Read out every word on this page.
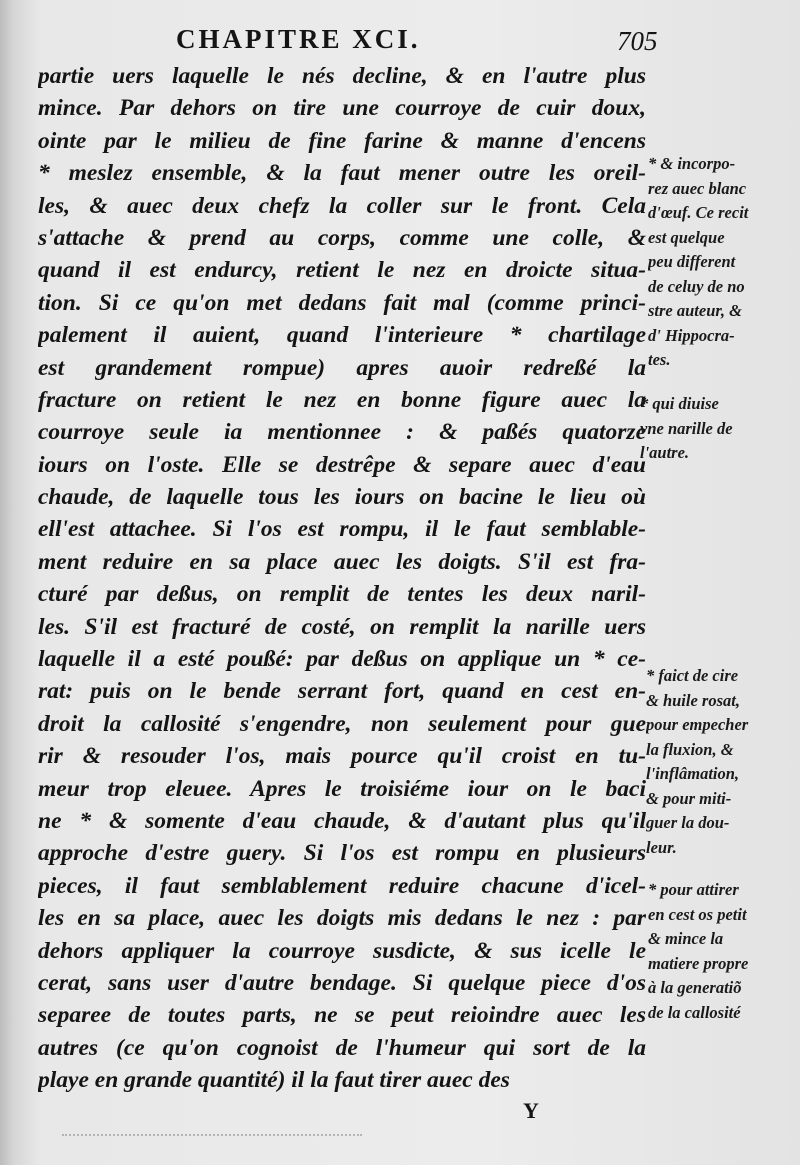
CHAPITRE XCI.	705
partie uers laquelle le nés decline, & en l'autre plus
mince. Par dehors on tire une courroye de cuir doux,
ointe par le milieu de fine farine & manne d'encens
* meslez ensemble, & la faut mener outre les oreil-
les, & auec deux chefz la coller sur le front. Cela
s'attache & prend au corps, comme une colle, &
quand il est endurcy, retient le nez en droicte situa-
tion. Si ce qu'on met dedans fait mal (comme princi-
palement il auient, quand l'interieure * chartilage
est grandement rompue) apres auoir redreßé la
fracture on retient le nez en bonne figure auec la
courroye seule ia mentionnee : & paßés quatorze
iours on l'oste. Elle se destrêpe & separe auec d'eau
chaude, de laquelle tous les iours on bacine le lieu où
ell'est attachee. Si l'os est rompu, il le faut semblable-
ment reduire en sa place auec les doigts. S'il est fra-
cturé par deßus, on remplit de tentes les deux naril-
les. S'il est fracturé de costé, on remplit la narille uers
laquelle il a esté poußé: par deßus on applique un * ce-
rat: puis on le bende serrant fort, quand en cest en-
droit la callosité s'engendre, non seulement pour gue
rir & resouder l'os, mais pource qu'il croist en tu-
meur trop eleuee. Apres le troisiéme iour on le baci
ne * & somente d'eau chaude, & d'autant plus qu'il
approche d'estre guery. Si l'os est rompu en plusieurs
pieces, il faut semblablement reduire chacune d'icel-
les en sa place, auec les doigts mis dedans le nez : par
dehors appliquer la courroye susdicte, & sus icelle le
cerat, sans user d'autre bendage. Si quelque piece d'os
separee de toutes parts, ne se peut reioindre auec les
autres (ce qu'on cognoist de l'humeur qui sort de la
playe en grande quantité) il la faut tirer auec des
* & incorpo-
rez auec blanc
d'œuf. Ce recit
est quelque
peu different
de celuy de no
stre auteur, &
d' Hippocra-
tes.
* qui diuise
vne narille de
l'autre.
* faict de cire
& huile rosat,
pour empecher
la fluxion, &
l'inflâmation,
& pour miti-
guer la dou-
leur.
* pour attirer
en cest os petit
& mince la
matiere propre
à la generatiõ
de la callosité
Y
